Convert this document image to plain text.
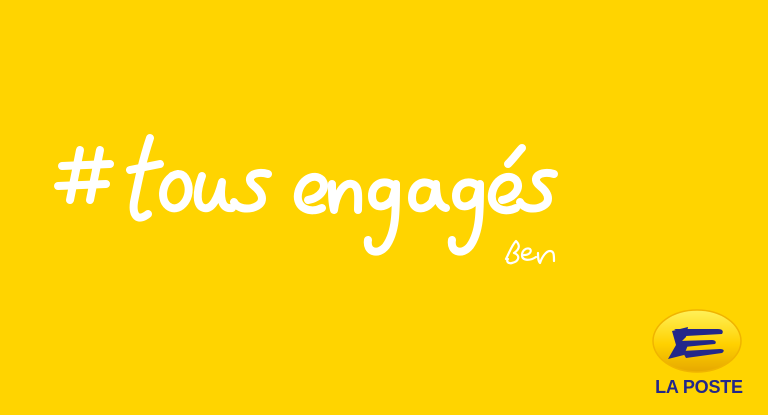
LA POSTE
